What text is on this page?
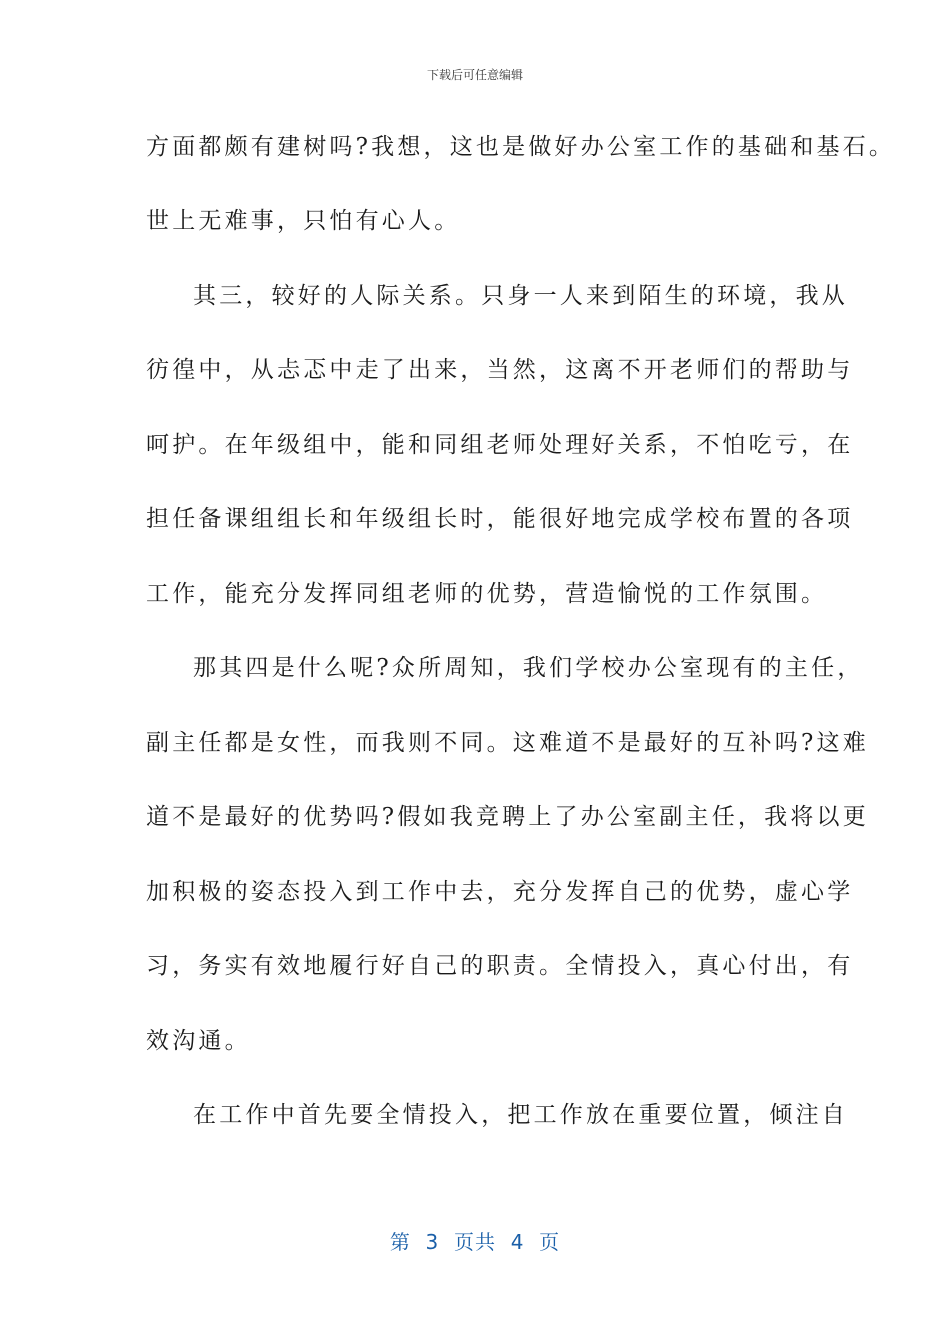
下载后可任意编辑
方面都颇有建树吗?我想，这也是做好办公室工作的基础和基石。
世上无难事，只怕有心人。
其三，较好的人际关系。只身一人来到陌生的环境，我从
彷徨中，从忐忑中走了出来，当然，这离不开老师们的帮助与
呵护。在年级组中，能和同组老师处理好关系，不怕吃亏，在
担任备课组组长和年级组长时，能很好地完成学校布置的各项
工作，能充分发挥同组老师的优势，营造愉悦的工作氛围。
那其四是什么呢?众所周知，我们学校办公室现有的主任，
副主任都是女性，而我则不同。这难道不是最好的互补吗?这难
道不是最好的优势吗?假如我竞聘上了办公室副主任，我将以更
加积极的姿态投入到工作中去，充分发挥自己的优势，虚心学
习，务实有效地履行好自己的职责。全情投入，真心付出，有
效沟通。
在工作中首先要全情投入，把工作放在重要位置，倾注自
第  3  页共  4  页
